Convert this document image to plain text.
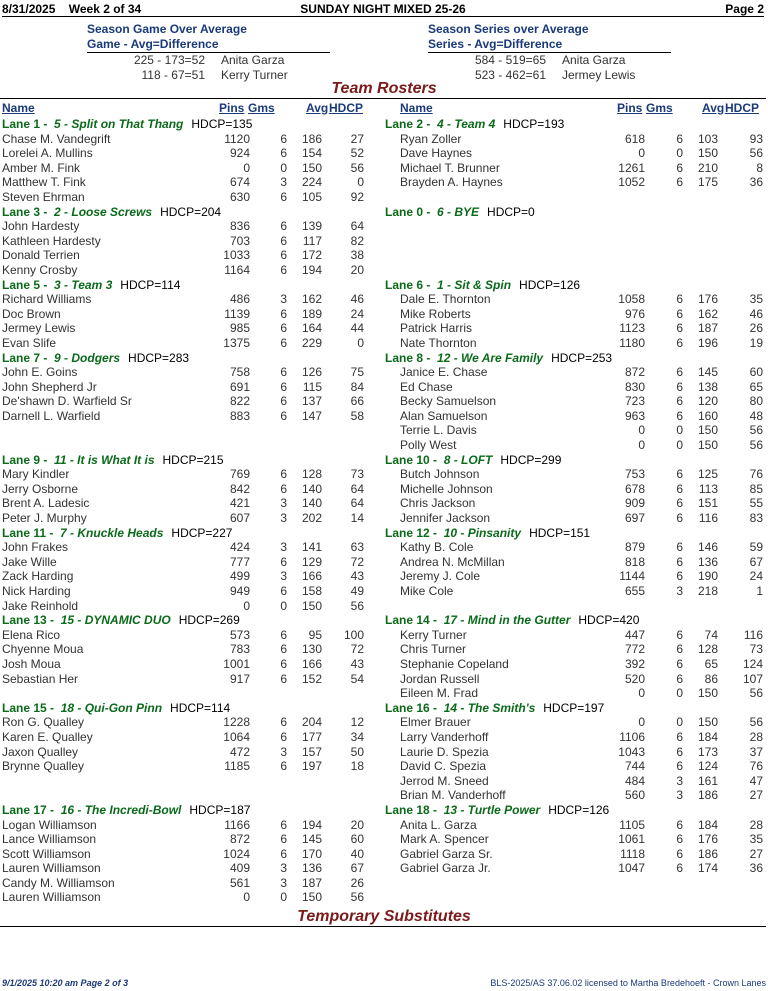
8/31/2025 Week 2 of 34	SUNDAY NIGHT MIXED 25-26	Page 2
Season Game Over Average
Game - Avg=Difference
225 - 173=52 Anita Garza
118 - 67=51 Kerry Turner
Season Series over Average
Series - Avg=Difference
584 - 519=65 Anita Garza
523 - 462=61 Jermey Lewis
Team Rosters
Name	Pins Gms	Avg HDCP	Name	Pins Gms Avg HDCP
Lane 1 - 5 - Split on That Thang HDCP=135
Chase M. Vandegrift	1120	6 186 27
Lorelei A. Mullins	924	6 154 52
Amber M. Fink	0	0 150 56
Matthew T. Fink	674	3 224	0
Steven Ehrman	630	6 105 92
Lane 3 - 2 - Loose Screws HDCP=204
John Hardesty	836	6 139 64
Kathleen Hardesty	703	6 117 82
Donald Terrien	1033	6 172 38
Kenny Crosby	1164	6 194 20
Lane 5 - 3 - Team 3 HDCP=114
Richard Williams	486	3 162 46
Doc Brown	1139	6 189 24
Jermey Lewis	985	6 164 44
Evan Slife	1375	6 229	0
Lane 7 - 9 - Dodgers HDCP=283
John E. Goins	758	6 126 75
John Shepherd Jr	691	6 115 84
De'shawn D. Warfield Sr	822	6 137 66
Darnell L. Warfield	883	6 147 58
Lane 9 - 11 - It is What It is HDCP=215
Mary Kindler	769	6 128 73
Jerry Osborne	842	6 140 64
Brent A. Ladesic	421	3 140 64
Peter J. Murphy	607	3 202 14
Lane 11 - 7 - Knuckle Heads HDCP=227
John Frakes	424	3 141 63
Jake Wille	777	6 129 72
Zack Harding	499	3 166 43
Nick Harding	949	6 158 49
Jake Reinhold	0	0 150 56
Lane 13 - 15 - DYNAMIC DUO HDCP=269
Elena Rico	573	6 95 100
Chyenne Moua	783	6 130 72
Josh Moua	1001	6 166 43
Sebastian Her	917	6 152 54
Lane 15 - 18 - Qui-Gon Pinn HDCP=114
Ron G. Qualley	1228	6 204 12
Karen E. Qualley	1064	6 177 34
Jaxon Qualley	472	3 157 50
Brynne Qualley	1185	6 197 18
Lane 17 - 16 - The Incredi-Bowl HDCP=187
Logan Williamson	1166	6 194 20
Lance Williamson	872	6 145 60
Scott Williamson	1024	6 170 40
Lauren Williamson	409	3 136 67
Candy M. Williamson	561	3 187 26
Lauren Williamson	0	0 150 56
Lane 2 - 4 - Team 4 HDCP=193
Ryan Zoller	618	6 103	93
Dave Haynes	0	0 150	56
Michael T. Brunner	1261	6 210	8
Brayden A. Haynes	1052	6 175	36
Lane 0 - 6 - BYE HDCP=0
Lane 6 - 1 - Sit & Spin HDCP=126
Dale E. Thornton	1058	6 176	35
Mike Roberts	976	6 162	46
Patrick Harris	1123	6 187	26
Nate Thornton	1180	6 196	19
Lane 8 - 12 - We Are Family HDCP=253
Janice E. Chase	872	6 145	60
Ed Chase	830	6 138	65
Becky Samuelson	723	6 120	80
Alan Samuelson	963	6 160	48
Terrie L. Davis	0	0 150	56
Polly West	0	0 150	56
Lane 10 - 8 - LOFT HDCP=299
Butch Johnson	753	6 125	76
Michelle Johnson	678	6 113	85
Chris Jackson	909	6 151	55
Jennifer Jackson	697	6 116	83
Lane 12 - 10 - Pinsanity HDCP=151
Kathy B. Cole	879	6 146	59
Andrea N. McMillan	818	6 136	67
Jeremy J. Cole	1144	6 190	24
Mike Cole	655	3 218	1
Lane 14 - 17 - Mind in the Gutter HDCP=420
Kerry Turner	447	6 74 116
Chris Turner	772	6 128	73
Stephanie Copeland	392	6 65 124
Jordan Russell	520	6 86 107
Eileen M. Frad	0	0 150	56
Lane 16 - 14 - The Smith's HDCP=197
Elmer Brauer	0	0 150	56
Larry Vanderhoff	1106	6 184	28
Laurie D. Spezia	1043	6 173	37
David C. Spezia	744	6 124	76
Jerrod M. Sneed	484	3 161	47
Brian M. Vanderhoff	560	3 186	27
Lane 18 - 13 - Turtle Power HDCP=126
Anita L. Garza	1105	6 184	28
Mark A. Spencer	1061	6 176	35
Gabriel Garza Sr.	1118	6 186	27
Gabriel Garza Jr.	1047	6 174	36
Temporary Substitutes
9/1/2025 10:20 am Page 2 of 3	BLS-2025/AS 37.06.02 licensed to Martha Bredehoeft - Crown Lanes
